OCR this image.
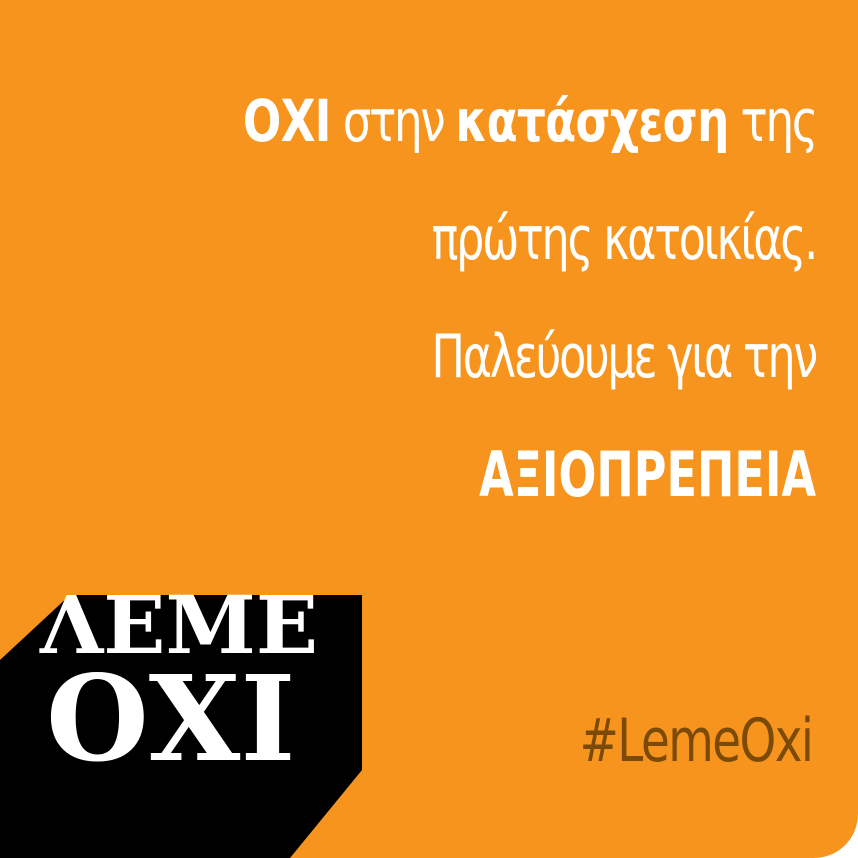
ΟΧΙ στην κατάσχεση της
πρώτης κατοικίας.
Παλεύουμε για την
ΑΞΙΟΠΡΕΠΕΙΑ
ΛΕΜΕ
ΟΧΙ	#LemeOxi
